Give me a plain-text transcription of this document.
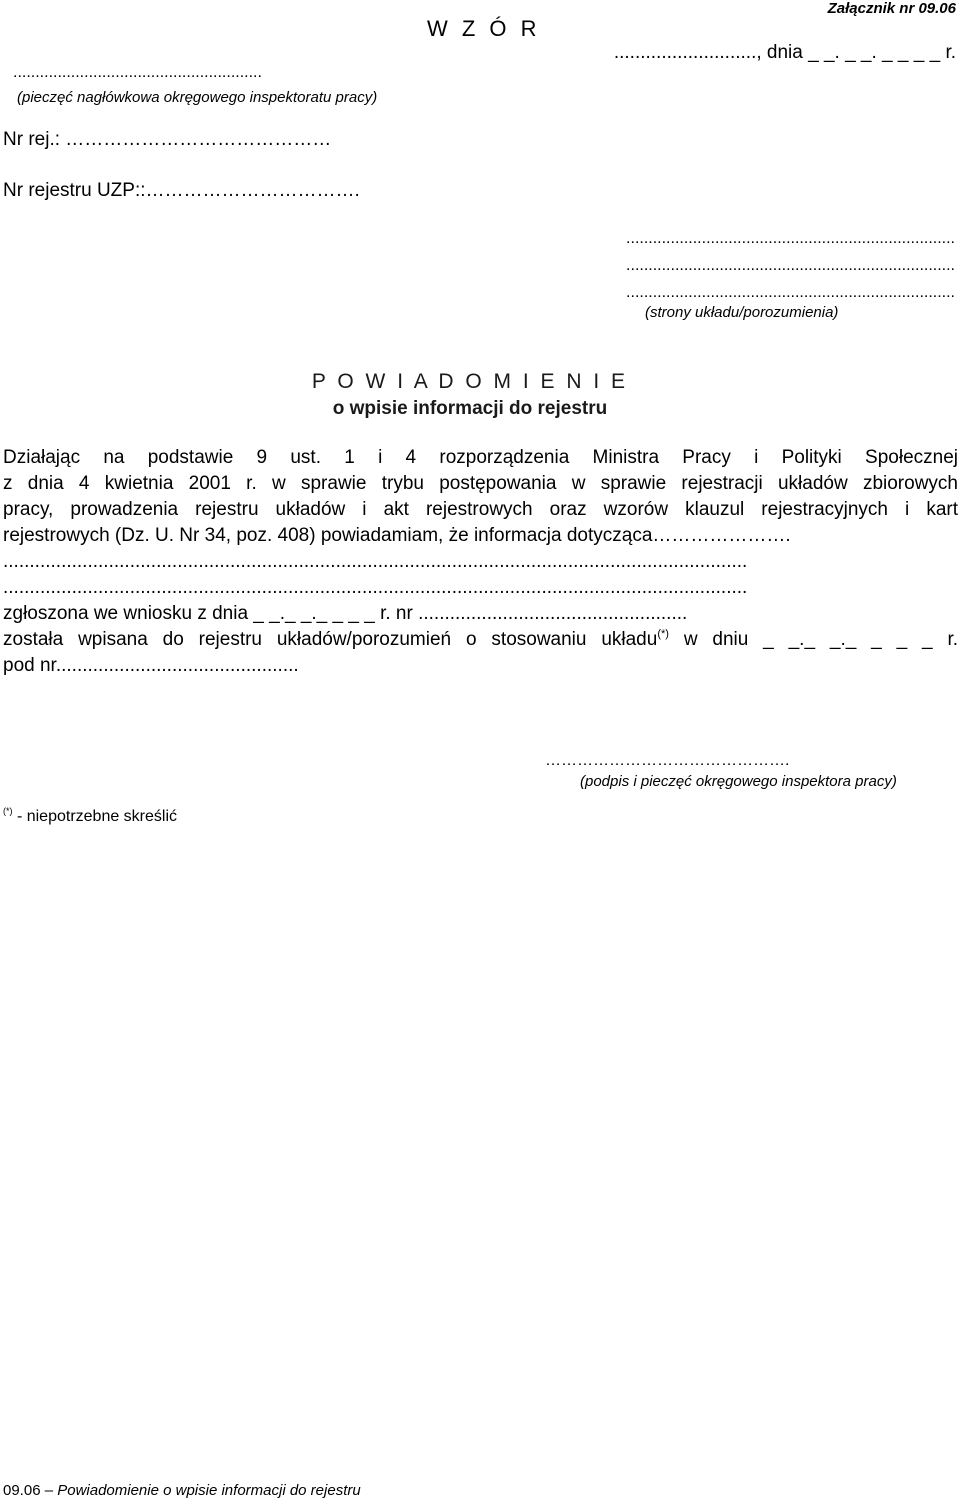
Załącznik nr 09.06
W Z Ó R
..........................., dnia _ _. _ _. _ _ _ _ r.
........................................................
(pieczęć nagłówkowa okręgowego inspektoratu pracy)
Nr rej.: ……………………………………
Nr rejestru UZP::…………………………….
..........................................................................
..........................................................................
..........................................................................
(strony układu/porozumienia)
P O W I A D O M I E N I E
o wpisie informacji do rejestru
Działając na podstawie 9 ust. 1 i 4 rozporządzenia Ministra Pracy i Polityki Społecznej
z dnia 4 kwietnia 2001 r. w sprawie trybu postępowania w sprawie rejestracji układów zbiorowych
pracy, prowadzenia rejestru układów i akt rejestrowych oraz wzorów klauzul rejestracyjnych i kart
rejestrowych (Dz. U. Nr 34, poz. 408) powiadamiam, że informacja dotycząca………………….
.............................................................................................................................................
.............................................................................................................................................
zgłoszona we wniosku z dnia _ _._ _._ _ _ _ r. nr ...................................................
została wpisana do rejestru układów/porozumień o stosowaniu układu(*) w dniu _ _._ _._ _ _ _ r.
pod nr..............................................
……………………………………….
(podpis i pieczęć okręgowego inspektora pracy)
(*) - niepotrzebne skreślić
09.06 – Powiadomienie o wpisie informacji do rejestru
